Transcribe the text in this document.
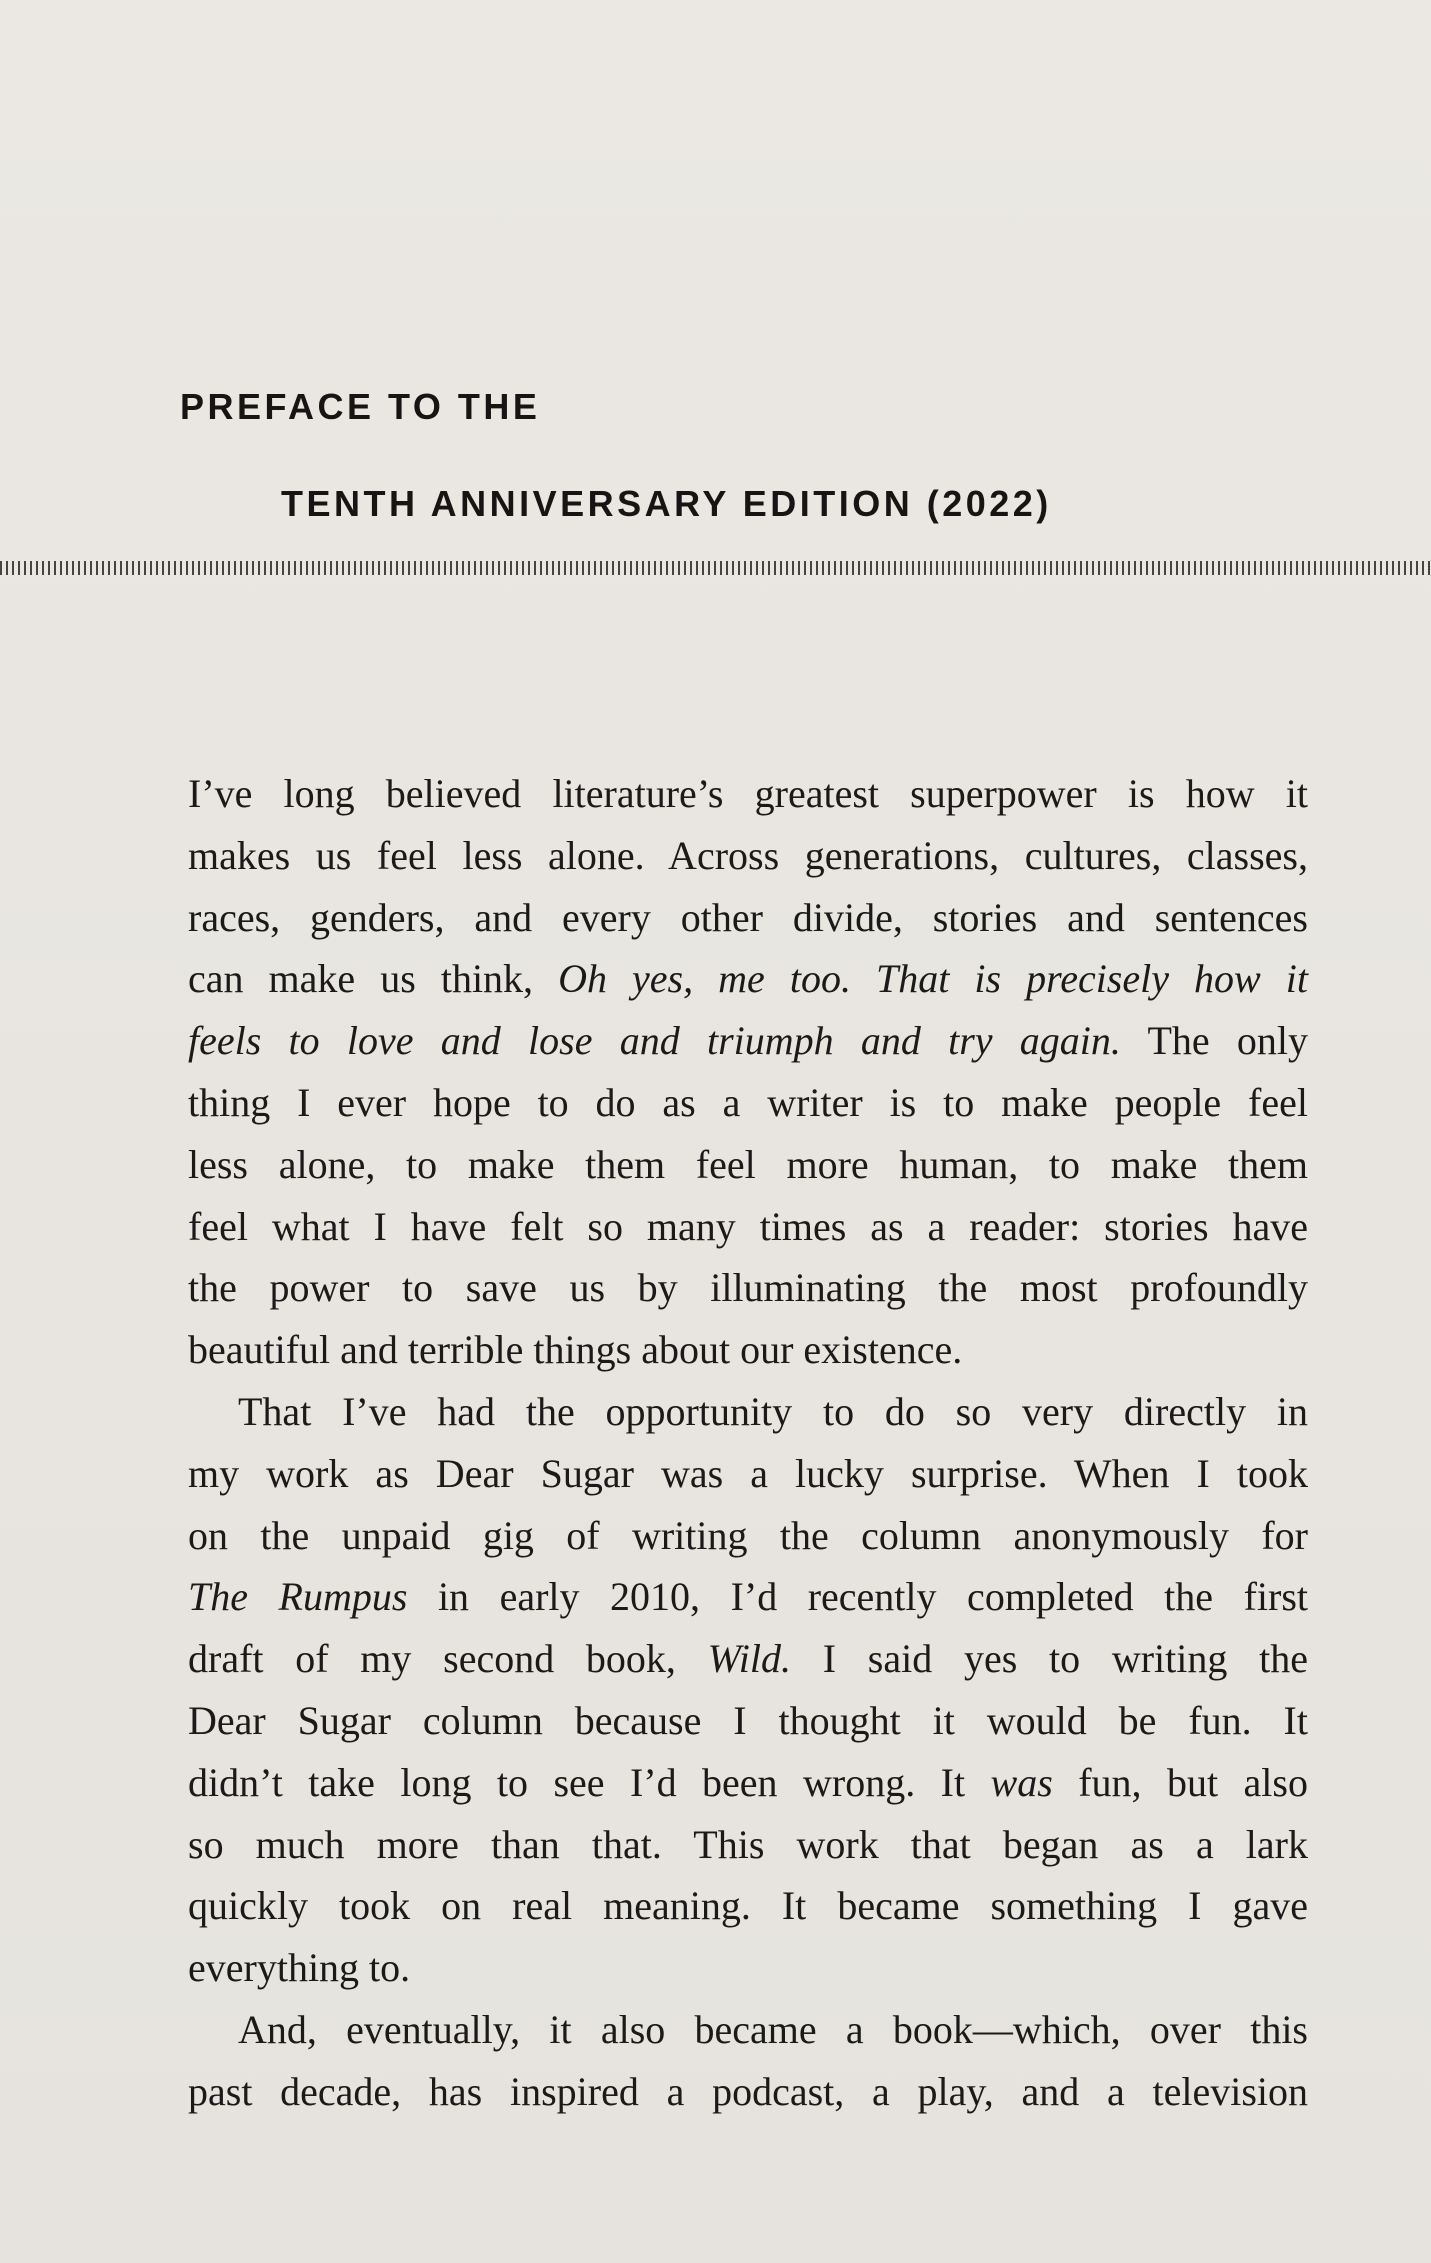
PREFACE TO THE
TENTH ANNIVERSARY EDITION (2022)
I’ve long believed literature’s greatest superpower is how it
makes us feel less alone. Across generations, cultures, classes,
races, genders, and every other divide, stories and sentences
can make us think, Oh yes, me too. That is precisely how it
feels to love and lose and triumph and try again. The only
thing I ever hope to do as a writer is to make people feel
less alone, to make them feel more human, to make them
feel what I have felt so many times as a reader: stories have
the power to save us by illuminating the most profoundly
beautiful and terrible things about our existence.
That I’ve had the opportunity to do so very directly in
my work as Dear Sugar was a lucky surprise. When I took
on the unpaid gig of writing the column anonymously for
The Rumpus in early 2010, I’d recently completed the first
draft of my second book, Wild. I said yes to writing the
Dear Sugar column because I thought it would be fun. It
didn’t take long to see I’d been wrong. It was fun, but also
so much more than that. This work that began as a lark
quickly took on real meaning. It became something I gave
everything to.
And, eventually, it also became a book—which, over this
past decade, has inspired a podcast, a play, and a television
